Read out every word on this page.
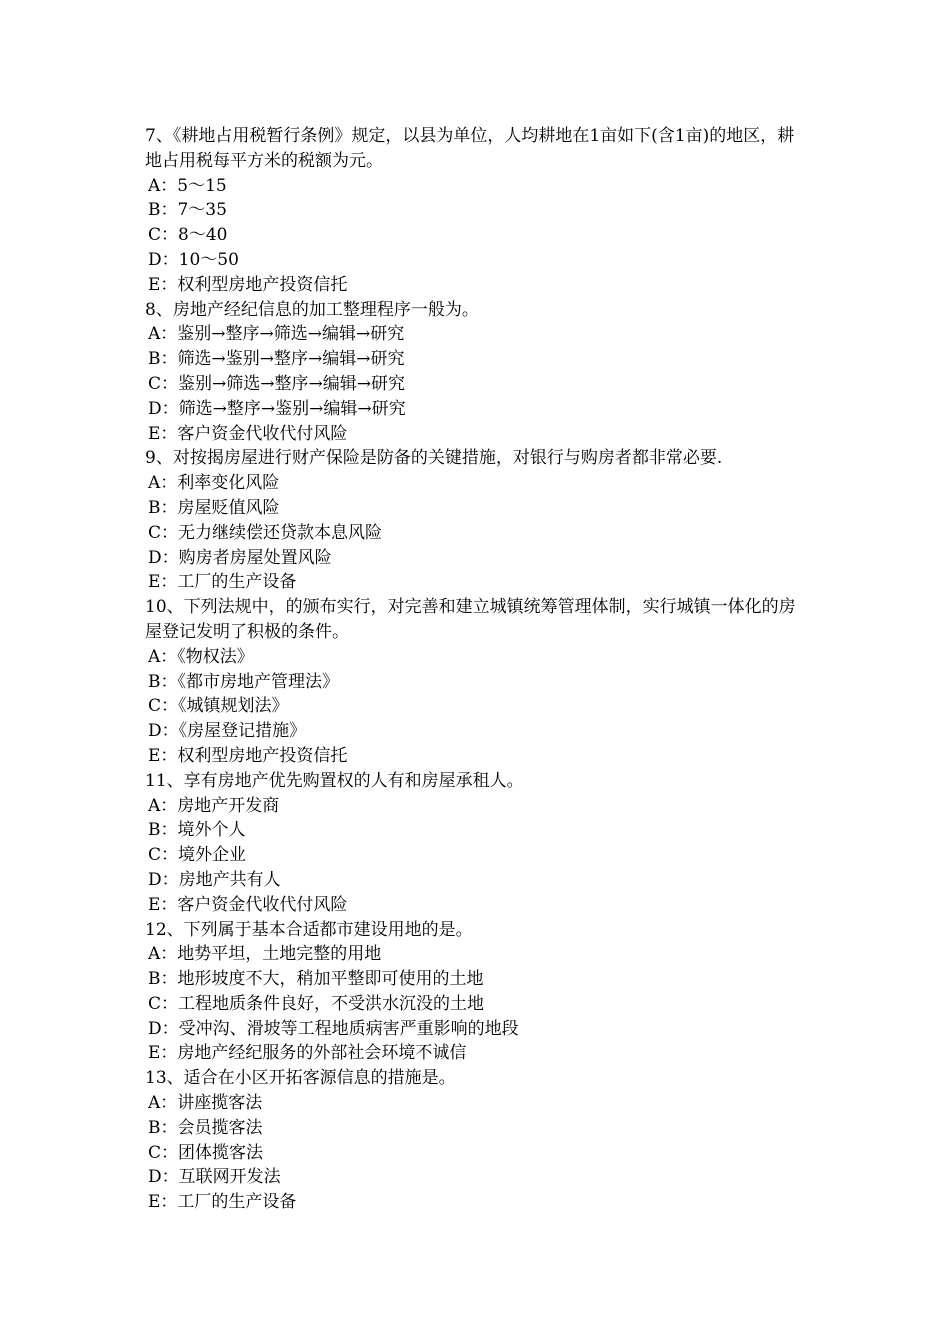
7、《耕地占用税暂行条例》规定，以县为单位，人均耕地在1亩如下(含1亩)的地区，耕地占用税每平方米的税额为元。

A：5～15
B：7～35
C：8～40
D：10～50
E：权利型房地产投资信托

8、房地产经纪信息的加工整理程序一般为。

A：鉴别→整序→筛选→编辑→研究
B：筛选→鉴别→整序→编辑→研究
C：鉴别→筛选→整序→编辑→研究
D：筛选→整序→鉴别→编辑→研究
E：客户资金代收代付风险

9、对按揭房屋进行财产保险是防备的关键措施，对银行与购房者都非常必要.

A：利率变化风险
B：房屋贬值风险
C：无力继续偿还贷款本息风险
D：购房者房屋处置风险
E：工厂的生产设备

10、下列法规中，的颁布实行，对完善和建立城镇统筹管理体制，实行城镇一体化的房屋登记发明了积极的条件。

A：《物权法》
B：《都市房地产管理法》
C：《城镇规划法》
D：《房屋登记措施》
E：权利型房地产投资信托

11、享有房地产优先购置权的人有和房屋承租人。

A：房地产开发商
B：境外个人
C：境外企业
D：房地产共有人
E：客户资金代收代付风险

12、下列属于基本合适都市建设用地的是。

A：地势平坦，土地完整的用地
B：地形坡度不大，稍加平整即可使用的土地
C：工程地质条件良好，不受洪水沉没的土地
D：受冲沟、滑坡等工程地质病害严重影响的地段
E：房地产经纪服务的外部社会环境不诚信

13、适合在小区开拓客源信息的措施是。

A：讲座揽客法
B：会员揽客法
C：团体揽客法
D：互联网开发法
E：工厂的生产设备
